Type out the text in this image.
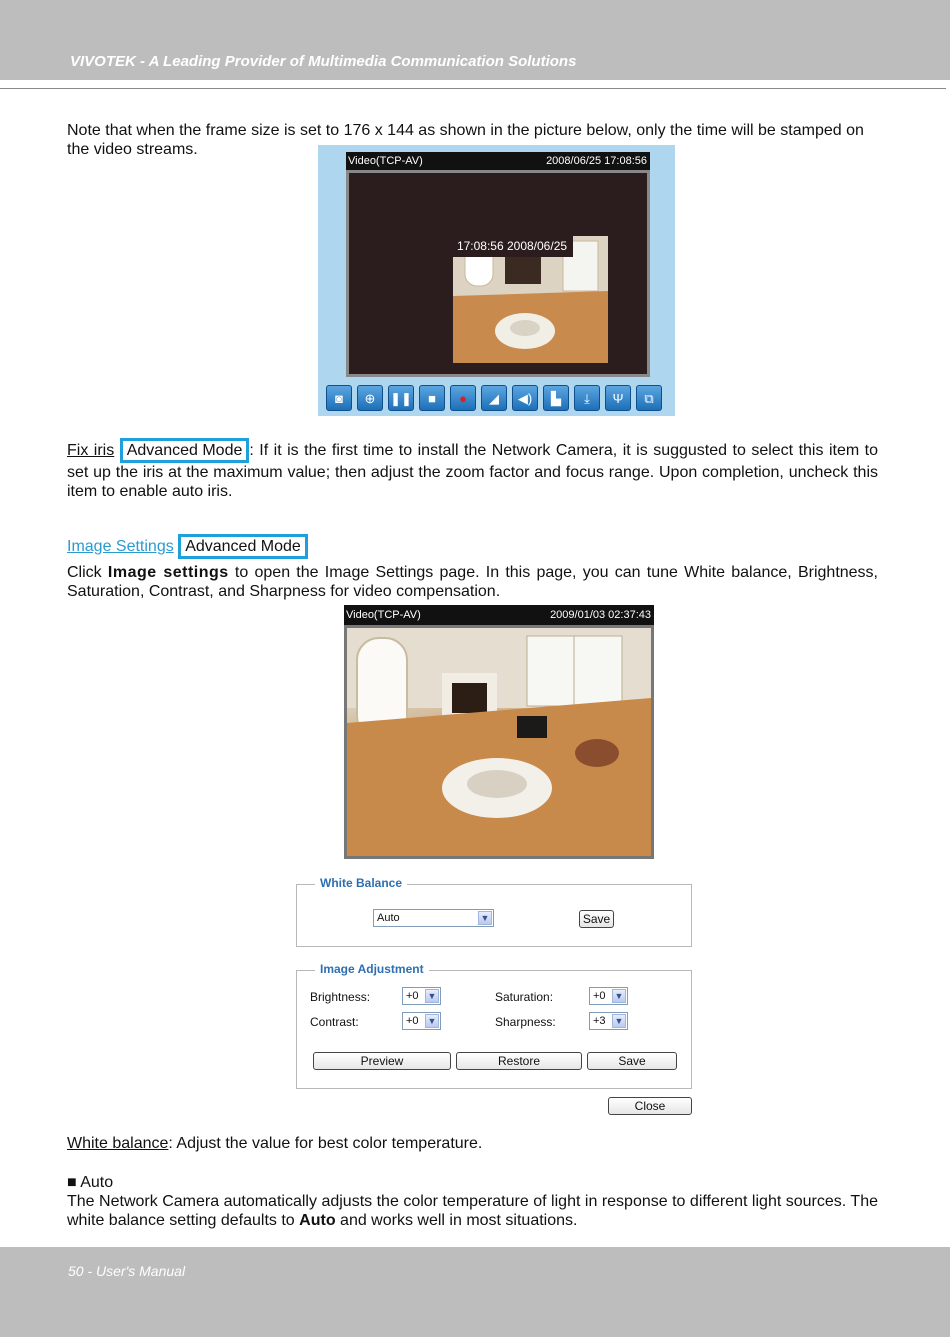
VIVOTEK - A Leading Provider of Multimedia Communication Solutions
Note that when the frame size is set to 176 x 144 as shown in the picture below, only the time will be stamped on the video streams.
Video(TCP-AV)	2008/06/25 17:08:56
17:08:56 2008/06/25
◙	⊕	❚❚	■	●	◢	◀)	▙	⤓	Ψ	⧉
Fix iris Advanced Mode : If it is the first time to install the Network Camera, it is suggusted to select this item to set up the iris at the maximum value; then adjust the zoom factor and focus range. Upon completion, uncheck this item to enable auto iris.
Image Settings Advanced Mode
Click Image settings to open the Image Settings page. In this page, you can tune White balance, Brightness, Saturation, Contrast, and Sharpness for video compensation.
Video(TCP-AV)	2009/01/03 02:37:43
White Balance
Auto	▼	Save
Image Adjustment
Brightness:	+0 ▼	Saturation:	+0 ▼
Contrast:	+0 ▼	Sharpness:	+3 ▼
Preview	Restore	Save
Close
White balance: Adjust the value for best color temperature.
■ Auto
The Network Camera automatically adjusts the color temperature of light in response to different light sources. The white balance setting defaults to Auto and works well in most situations.
50 - User's Manual
